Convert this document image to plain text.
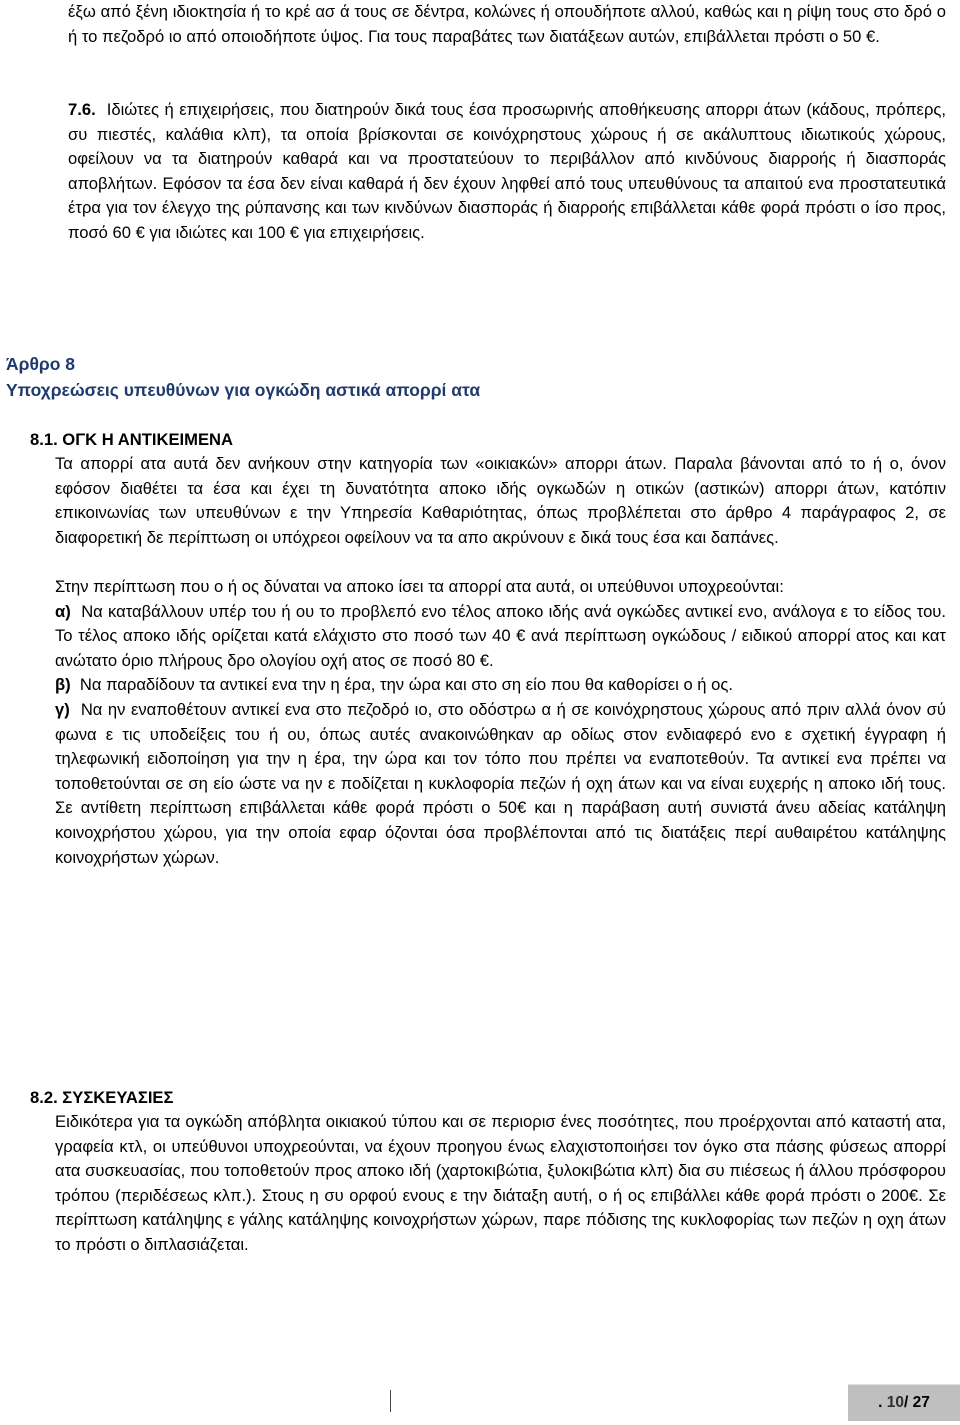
έξω από ξένη ιδιοκτησία ή το κρέ ασ ά τους σε δέντρα, κολώνες ή οπουδήποτε αλλού, καθώς και η ρίψη τους στο δρό ο ή το πεζοδρό ιο από οποιοδήποτε ύψος. Για τους παραβάτες των διατάξεων αυτών, επιβάλλεται πρόστι ο 50 €.

7.6. Ιδιώτες ή επιχειρήσεις, που διατηρούν δικά τους έσα προσωρινής αποθήκευσης απορρι άτων (κάδους, πρόπερς, συ πιεστές, καλάθια κλπ), τα οποία βρίσκονται σε κοινόχρηστους χώρους ή σε ακάλυπτους ιδιωτικούς χώρους, οφείλουν να τα διατηρούν καθαρά και να προστατεύουν το περιβάλλον από κινδύνους διαρροής ή διασποράς αποβλήτων. Εφόσον τα έσα δεν είναι καθαρά ή δεν έχουν ληφθεί από τους υπευθύνους τα απαιτού ενα προστατευτικά έτρα για τον έλεγχο της ρύπανσης και των κινδύνων διασποράς ή διαρροής επιβάλλεται κάθε φορά πρόστι ο ίσο προς, ποσό 60 € για ιδιώτες και 100 € για επιχειρήσεις.

Άρθρο 8
Υποχρεώσεις υπευθύνων για ογκώδη αστικά απορρί ατα
8.1. ΟΓΚ Η ΑΝΤΙΚΕΙΜΕΝΑ
Τα απορρί ατα αυτά δεν ανήκουν στην κατηγορία των «οικιακών» απορρι άτων. Παραλα βάνονται από το ή ο, όνον εφόσον διαθέτει τα έσα και έχει τη δυνατότητα αποκο ιδής ογκωδών η οτικών (αστικών) απορρι άτων, κατόπιν επικοινωνίας των υπευθύνων ε την Υπηρεσία Καθαριότητας, όπως προβλέπεται στο άρθρο 4 παράγραφος 2, σε διαφορετική δε περίπτωση οι υπόχρεοι οφείλουν να τα απο ακρύνουν ε δικά τους έσα και δαπάνες.
Στην περίπτωση που ο ή ος δύναται να αποκο ίσει τα απορρί ατα αυτά, οι υπεύθυνοι υποχρεούνται:
α) Να καταβάλλουν υπέρ του ή ου το προβλεπό ενο τέλος αποκο ιδής ανά ογκώδες αντικεί ενο, ανάλογα ε το είδος του. Το τέλος αποκο ιδής ορίζεται κατά ελάχιστο στο ποσό των 40 € ανά περίπτωση ογκώδους / ειδικού απορρί ατος και κατ ανώτατο όριο πλήρους δρο ολογίου οχή ατος σε ποσό 80 €.
β) Να παραδίδουν τα αντικεί ενα την η έρα, την ώρα και στο ση είο που θα καθορίσει ο ή ος.
γ) Να ην εναποθέτουν αντικεί ενα στο πεζοδρό ιο, στο οδόστρω α ή σε κοινόχρηστους χώρους από πριν αλλά όνον σύ φωνα ε τις υποδείξεις του ή ου, όπως αυτές ανακοινώθηκαν αρ οδίως στον ενδιαφερό ενο ε σχετική έγγραφη ή τηλεφωνική ειδοποίηση για την η έρα, την ώρα και τον τόπο που πρέπει να εναποτεθούν. Τα αντικεί ενα πρέπει να τοποθετούνται σε ση είο ώστε να ην ε ποδίζεται η κυκλοφορία πεζών ή οχη άτων και να είναι ευχερής η αποκο ιδή τους. Σε αντίθετη περίπτωση επιβάλλεται κάθε φορά πρόστι ο 50€ και η παράβαση αυτή συνιστά άνευ αδείας κατάληψη κοινοχρήστου χώρου, για την οποία εφαρ όζονται όσα προβλέπονται από τις διατάξεις περί αυθαιρέτου κατάληψης κοινοχρήστων χώρων.
8.2. ΣΥΣΚΕΥΑΣΙΕΣ
Ειδικότερα για τα ογκώδη απόβλητα οικιακού τύπου και σε περιορισ ένες ποσότητες, που προέρχονται από καταστή ατα, γραφεία κτλ, οι υπεύθυνοι υποχρεούνται, να έχουν προηγου ένως ελαχιστοποιήσει τον όγκο στα πάσης φύσεως απορρί ατα συσκευασίας, που τοποθετούν προς αποκο ιδή (χαρτοκιβώτια, ξυλοκιβώτια κλπ) δια συ πιέσεως ή άλλου πρόσφορου τρόπου (περιδέσεως κλπ.). Στους η συ ορφού ενους ε την διάταξη αυτή, ο ή ος επιβάλλει κάθε φορά πρόστι ο 200€. Σε περίπτωση κατάληψης ε γάλης κατάληψης κοινοχρήστων χώρων, παρε πόδισης της κυκλοφορίας των πεζών η οχη άτων το πρόστι ο διπλασιάζεται.
.
10 /
27
